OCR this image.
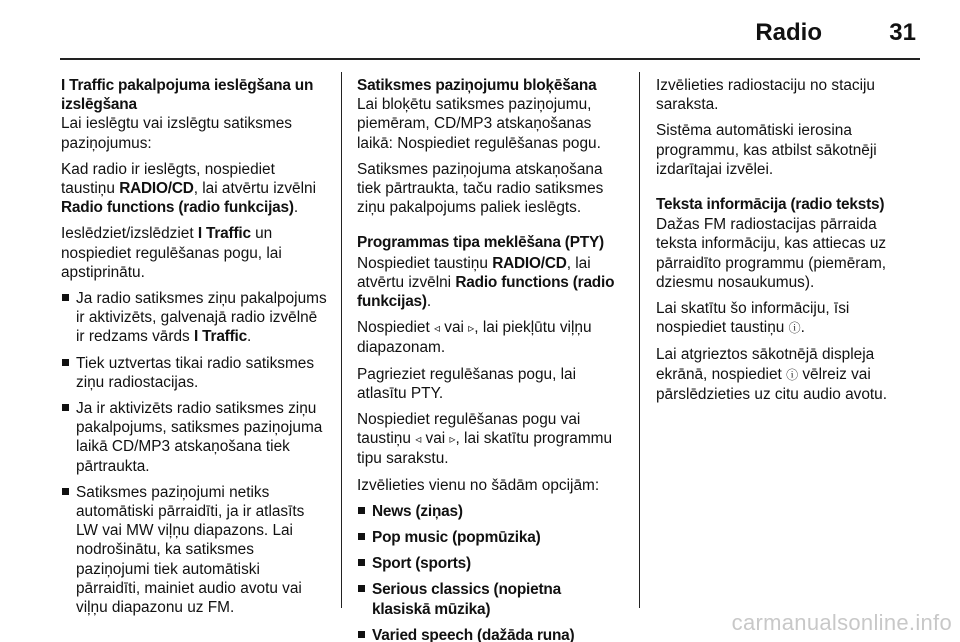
Radio	31
I Traffic pakalpojuma ieslēgšana un izslēgšana
Lai ieslēgtu vai izslēgtu satiksmes paziņojumus:
Kad radio ir ieslēgts, nospiediet taustiņu RADIO/CD, lai atvērtu izvēlni Radio functions (radio funkcijas).
Ieslēdziet/izslēdziet I Traffic un nospiediet regulēšanas pogu, lai apstiprinātu.
Ja radio satiksmes ziņu pakalpojums ir aktivizēts, galvenajā radio izvēlnē ir redzams vārds I Traffic.
Tiek uztvertas tikai radio satiksmes ziņu radiostacijas.
Ja ir aktivizēts radio satiksmes ziņu pakalpojums, satiksmes paziņojuma laikā CD/MP3 atskaņošana tiek pārtraukta.
Satiksmes paziņojumi netiks automātiski pārraidīti, ja ir atlasīts LW vai MW viļņu diapazons. Lai nodrošinātu, ka satiksmes paziņojumi tiek automātiski pārraidīti, mainiet audio avotu vai viļņu diapazonu uz FM.
Satiksmes paziņojumu bloķēšana
Lai bloķētu satiksmes paziņojumu, piemēram, CD/MP3 atskaņošanas laikā: Nospiediet regulēšanas pogu.
Satiksmes paziņojuma atskaņošana tiek pārtraukta, taču radio satiksmes ziņu pakalpojums paliek ieslēgts.
Programmas tipa meklēšana (PTY)
Nospiediet taustiņu RADIO/CD, lai atvērtu izvēlni Radio functions (radio funkcijas).
Nospiediet ◃ vai ▹, lai piekļūtu viļņu diapazonam.
Pagrieziet regulēšanas pogu, lai atlasītu PTY.
Nospiediet regulēšanas pogu vai taustiņu ◃ vai ▹, lai skatītu programmu tipu sarakstu.
Izvēlieties vienu no šādām opcijām:
News (ziņas)
Pop music (popmūzika)
Sport (sports)
Serious classics (nopietna klasiskā mūzika)
Varied speech (dažāda runa)
Izvēlieties radiostaciju no staciju saraksta.
Sistēma automātiski ierosina programmu, kas atbilst sākotnēji izdarītajai izvēlei.
Teksta informācija (radio teksts)
Dažas FM radiostacijas pārraida teksta informāciju, kas attiecas uz pārraidīto programmu (piemēram, dziesmu nosaukumus).
Lai skatītu šo informāciju, īsi nospiediet taustiņu ⓘ.
Lai atgrieztos sākotnējā displeja ekrānā, nospiediet ⓘ vēlreiz vai pārslēdzieties uz citu audio avotu.
carmanualsonline.info
